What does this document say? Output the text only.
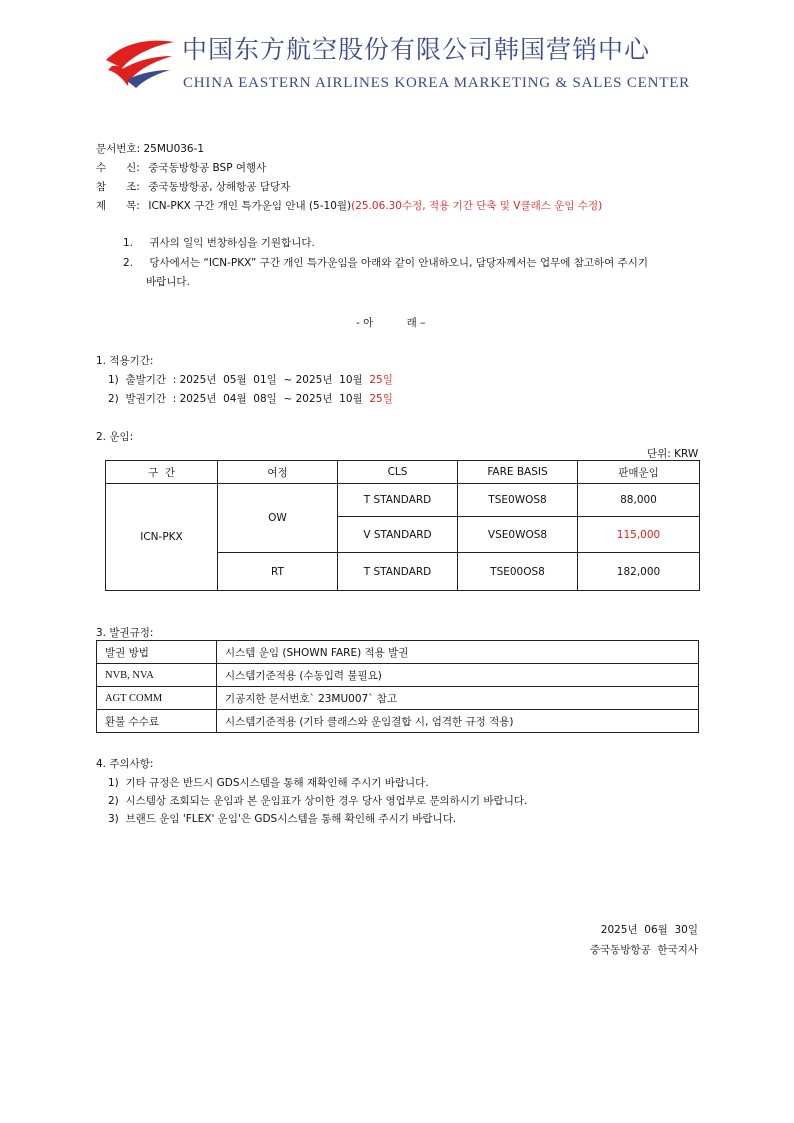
中国东方航空股份有限公司韩国营销中心
CHINA EASTERN AIRLINES KOREA MARKETING & SALES CENTER
문서번호: 25MU036-1
수      신: 중국동방항공 BSP 여행사
참      조: 중국동방항공, 상해항공 담당자
제      목: ICN-PKX 구간 개인 특가운임 안내 (5-10월)(25.06.30수정, 적용 기간 단축 및 V클래스 운임 수정)
1. 귀사의 일익 번창하심을 기원합니다.
2. 당사에서는 “ICN-PKX” 구간 개인 특가운임을 아래와 같이 안내하오니, 담당자께서는 업무에 참고하여 주시기
바랍니다.
- 아          래 –
1. 적용기간:
1)  출발기간  : 2025년  05월  01일  ~ 2025년  10월  25일
2)  발권기간  : 2025년  04월  08일  ~ 2025년  10월  25일
2. 운임:
단위: KRW
구  간	여정	CLS	FARE BASIS	판매운임
ICN-PKX	OW	T STANDARD	TSE0WOS8	88,000
		V STANDARD	VSE0WOS8	115,000
	RT	T STANDARD	TSE00OS8	182,000
3. 발권규정:
발권 방법	시스템 운임 (SHOWN FARE) 적용 발권
NVB, NVA	시스템기준적용 (수동입력 불필요)
AGT COMM	기공지한 문서번호` 23MU007` 참고
환불 수수료	시스템기준적용 (기타 클래스와 운임결합 시, 엄격한 규정 적용)
4. 주의사항:
1)  기타 규정은 반드시 GDS시스템을 통해 재확인해 주시기 바랍니다.
2)  시스템상 조회되는 운임과 본 운임표가 상이한 경우 당사 영업부로 문의하시기 바랍니다.
3)  브랜드 운임 'FLEX' 운임'은 GDS시스템을 통해 확인해 주시기 바랍니다.
2025년  06월  30일
중국동방항공  한국지사
